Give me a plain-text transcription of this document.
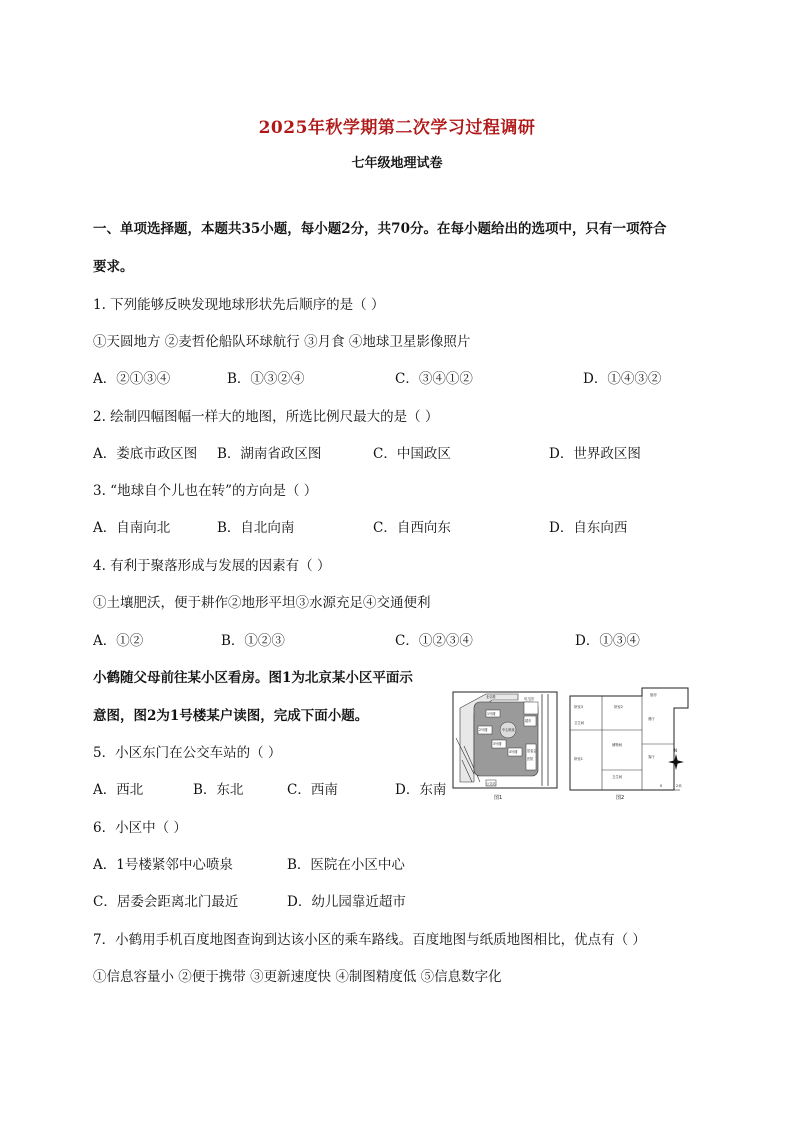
2025年秋学期第二次学习过程调研
七年级地理试卷
一、单项选择题，本题共35小题，每小题2分，共70分。在每小题给出的选项中，只有一项符合
要求。
1. 下列能够反映发现地球形状先后顺序的是（ ）
①天圆地方 ②麦哲伦船队环球航行 ③月食 ④地球卫星影像照片
A．②①③④	B．①③②④	C．③④①②	D．①④③②
2. 绘制四幅图幅一样大的地图，所选比例尺最大的是（ ）
A．娄底市政区图 B．湖南省政区图	C．中国政区	D．世界政区图
3. “地球自个儿也在转”的方向是（ ）
A．自南向北	B．自北向南	C．自西向东	D．自东向西
4. 有利于聚落形成与发展的因素有（ ）
①土壤肥沃，便于耕作②地形平坦③水源充足④交通便利
A．①②	B．①②③	C．①②③④	D．①③④
小鹤随父母前往某小区看房。图1为北京某小区平面示
意图，图2为1号楼某户读图，完成下面小题。
北京路	幼儿园
超市
1号楼
2号楼
3号楼
4号楼
中心喷泉
居委会
医院
公交站
图1
厨房
卧室3	卧室2
卫生间
餐厅
储物间
客厅
卧室1
卫生间
图2
N
0	2米
5．小区东门在公交车站的（ ）
A．西北	B．东北	C．西南	D．东南
6．小区中（ ）
A．1号楼紧邻中心喷泉	B．医院在小区中心
C．居委会距离北门最近	D．幼儿园靠近超市
7．小鹤用手机百度地图查询到达该小区的乘车路线。百度地图与纸质地图相比，优点有（ ）
①信息容量小 ②便于携带 ③更新速度快 ④制图精度低 ⑤信息数字化
